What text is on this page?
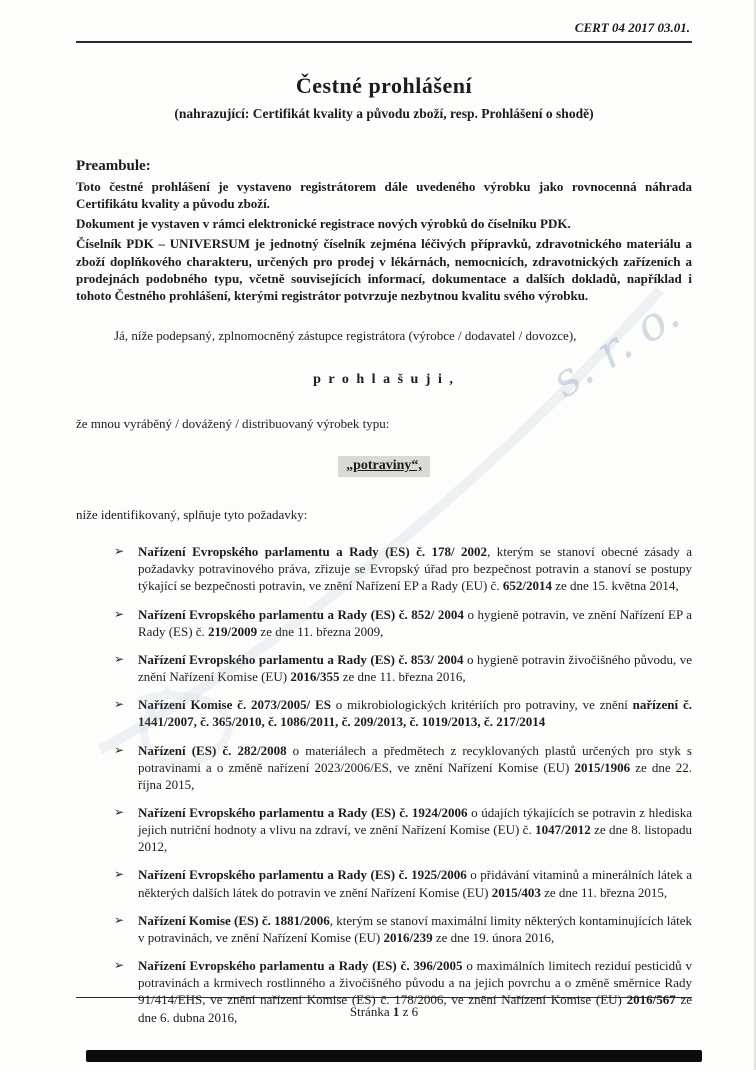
s. r. o.
CERT 04 2017 03.01.
Čestné prohlášení
(nahrazující: Certifikát kvality a původu zboží, resp. Prohlášení o shodě)
Preambule:

Toto čestné prohlášení je vystaveno registrátorem dále uvedeného výrobku jako rovnocenná náhrada Certifikátu kvality a původu zboží.

Dokument je vystaven v rámci elektronické registrace nových výrobků do číselníku PDK.

Číselník PDK – UNIVERSUM je jednotný číselník zejména léčivých přípravků, zdravotnického materiálu a zboží doplňkového charakteru, určených pro prodej v lékárnách, nemocnicích, zdravotnických zařízeních a prodejnách podobného typu, včetně souvisejících informací, dokumentace a dalších dokladů, například i tohoto Čestného prohlášení, kterými registrátor potvrzuje nezbytnou kvalitu svého výrobku.

Já, níže podepsaný, zplnomocněný zástupce registrátora (výrobce / dodavatel / dovozce),

p r o h l a š u j i ,

že mnou vyráběný / dovážený / distribuovaný výrobek typu:

„potraviny“,

níže identifikovaný, splňuje tyto požadavky:

➢	Nařízení Evropského parlamentu a Rady (ES) č. 178/ 2002, kterým se stanoví obecné zásady a požadavky potravinového práva, zřizuje se Evropský úřad pro bezpečnost potravin a stanoví se postupy týkající se bezpečnosti potravin, ve znění Nařízení EP a Rady (EU) č. 652/2014 ze dne 15. května 2014,
➢	Nařízení Evropského parlamentu a Rady (ES) č. 852/ 2004 o hygieně potravin, ve znění Nařízení EP a Rady (ES) č. 219/2009 ze dne 11. března 2009,
➢	Nařízení Evropského parlamentu a Rady (ES) č. 853/ 2004 o hygieně potravin živočišného původu, ve znění Nařízení Komise (EU) 2016/355 ze dne 11. března 2016,
➢	Nařízení Komise č. 2073/2005/ ES o mikrobiologických kritériích pro potraviny, ve znění nařízení č. 1441/2007, č. 365/2010, č. 1086/2011, č. 209/2013, č. 1019/2013, č. 217/2014
➢	Nařízení (ES) č. 282/2008 o materiálech a předmětech z recyklovaných plastů určených pro styk s potravinami a o změně nařízení 2023/2006/ES, ve znění Nařízení Komise (EU) 2015/1906 ze dne 22. října 2015,
➢	Nařízení Evropského parlamentu a Rady (ES) č. 1924/2006 o údajích týkajících se potravin z hlediska jejich nutriční hodnoty a vlivu na zdraví, ve znění Nařízení Komise (EU) č. 1047/2012 ze dne 8. listopadu 2012,
➢	Nařízení Evropského parlamentu a Rady (ES) č. 1925/2006 o přidávání vitaminů a minerálních látek a některých dalších látek do potravin ve znění Nařízení Komise (EU) 2015/403 ze dne 11. března 2015,
➢	Nařízení Komise (ES) č. 1881/2006, kterým se stanoví maximální limity některých kontaminujících látek v potravinách, ve znění Nařízení Komise (EU) 2016/239 ze dne 19. února 2016,
➢	Nařízení Evropského parlamentu a Rady (ES) č. 396/2005 o maximálních limitech reziduí pesticidů v potravinách a krmivech rostlinného a živočišného původu a na jejich povrchu a o změně směrnice Rady 91/414/EHS, ve znění nařízení Komise (ES) č. 178/2006, ve znění Nařízení Komise (EU) 2016/567 ze dne 6. dubna 2016,	Stránka 1 z 6
